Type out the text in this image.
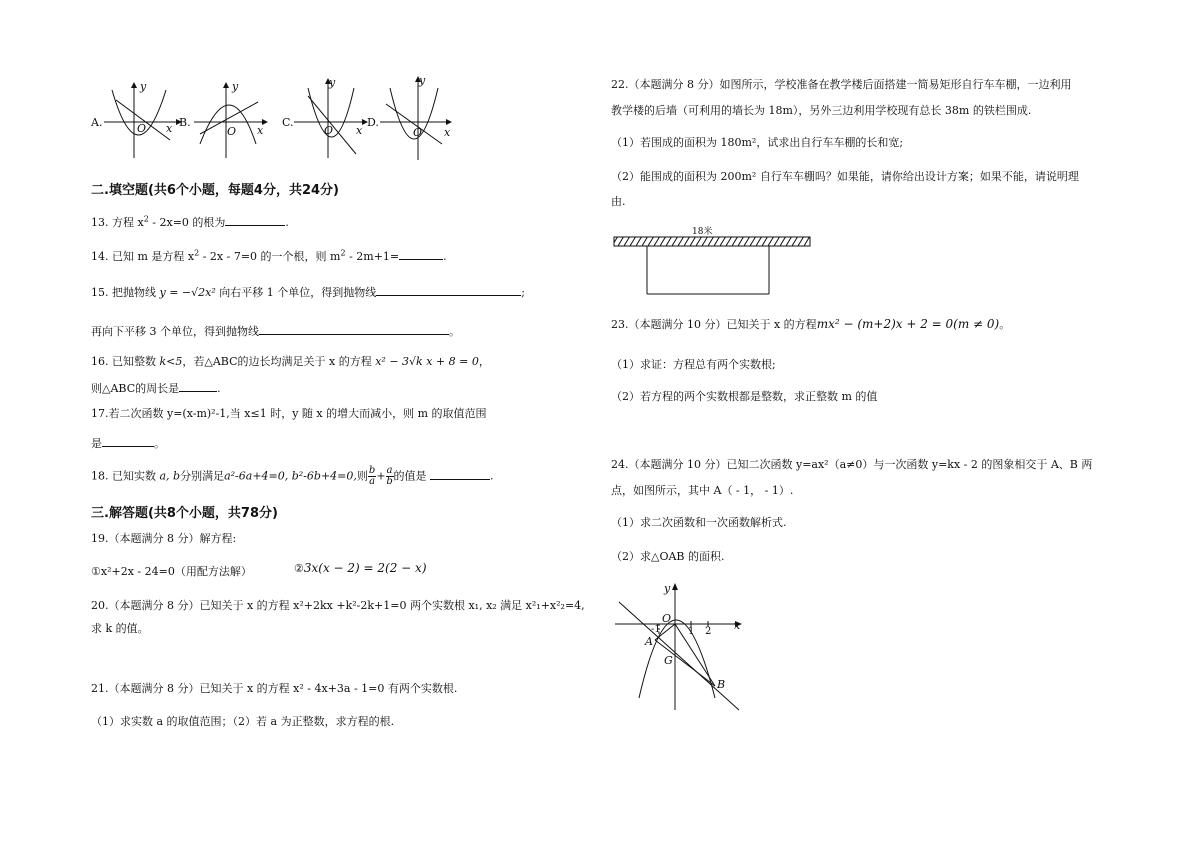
A.
y
O x B.
y
O x
C.
y
O x
D.
y
O x
二.填空题(共6个小题，每题4分，共24分)
13. 方程 $x^2 - 2x=0$ 的根为	.
14. 已知 m 是方程 $x^2 - 2x - 7=0$ 的一个根，则 $m^2 - 2m+1=$	.
15. 把抛物线 y = −√2x² 向右平移 1 个单位，得到抛物线	;
再向下平移 3 个单位，得到抛物线	。
16. 已知整数 k<5，若△ABC的边长均满足关于 x 的方程 x² − 3√k x + 8 = 0，
则△ABC的周长是	.
17.若二次函数 y=(x-m)²-1,当 x≤1 时，y 随 x 的增大而减小，则 m 的取值范围
是	。
18. 已知实数 a, b分别满足a²-6a+4=0, b²-6b+4=0,则 $\frac{b}{a} + \frac{a}{b}$ 的值是	.
三.解答题(共8个小题，共78分)
19.（本题满分 8 分）解方程:
①x²+2x - 24=0（用配方法解）	②3x(x − 2) = 2(2 − x)
20.（本题满分 8 分）已知关于 x 的方程 x²+2kx +k²-2k+1=0 两个实数根 x₁, x₂ 满足 x²₁+x²₂=4,
求 k 的值。
21.（本题满分 8 分）已知关于 x 的方程 x² - 4x+3a - 1=0 有两个实数根.
（1）求实数 a 的取值范围；（2）若 a 为正整数，求方程的根.
22.（本题满分 8 分）如图所示，学校准备在教学楼后面搭建一简易矩形自行车车棚，一边利用
教学楼的后墙（可利用的墙长为 18m），另外三边利用学校现有总长 38m 的铁栏围成.
（1）若围成的面积为 180m²，试求出自行车车棚的长和宽;
（2）能围成的面积为 200m² 自行车车棚吗？如果能，请你给出设计方案；如果不能，请说明理
由.
18米
23.（本题满分 10 分）已知关于 x 的方程mx² − (m+2)x + 2 = 0(m ≠ 0)。
（1）求证：方程总有两个实数根;
（2）若方程的两个实数根都是整数，求正整数 m 的值
24.（本题满分 10 分）已知二次函数 y=ax²（a≠0）与一次函数 y=kx - 2 的图象相交于 A、B 两
点，如图所示，其中 A（ - 1， - 1）.
（1）求二次函数和一次函数解析式.
（2）求△OAB 的面积.
y
x
O
-1	1 2
A
G
B
